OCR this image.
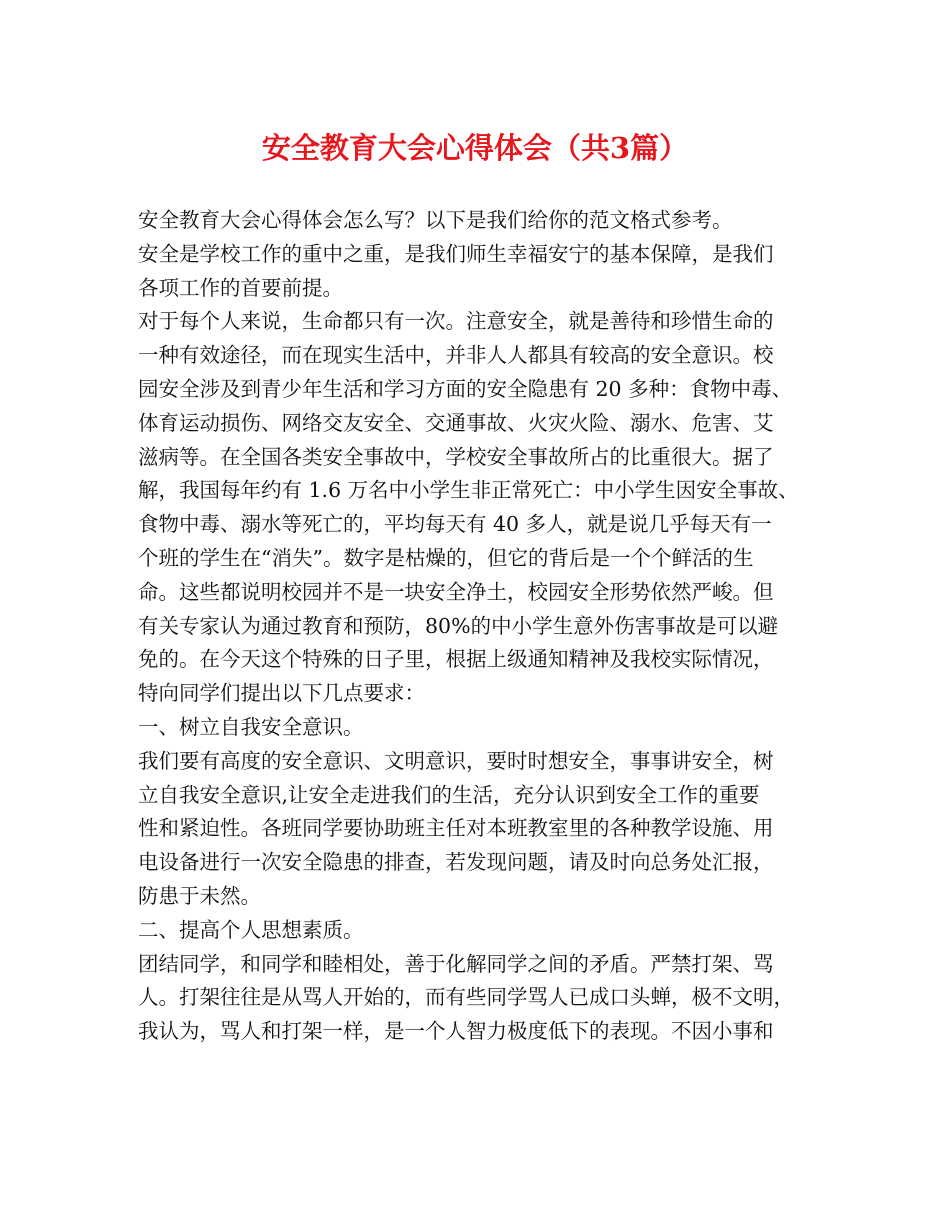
安全教育大会心得体会（共3篇）
安全教育大会心得体会怎么写？以下是我们给你的范文格式参考。
安全是学校工作的重中之重，是我们师生幸福安宁的基本保障，是我们
各项工作的首要前提。
对于每个人来说，生命都只有一次。注意安全，就是善待和珍惜生命的
一种有效途径，而在现实生活中，并非人人都具有较高的安全意识。校
园安全涉及到青少年生活和学习方面的安全隐患有 20 多种：食物中毒、
体育运动损伤、网络交友安全、交通事故、火灾火险、溺水、危害、艾
滋病等。在全国各类安全事故中，学校安全事故所占的比重很大。据了
解，我国每年约有 1.6 万名中小学生非正常死亡：中小学生因安全事故、
食物中毒、溺水等死亡的，平均每天有 40 多人，就是说几乎每天有一
个班的学生在“消失”。数字是枯燥的，但它的背后是一个个鲜活的生
命。这些都说明校园并不是一块安全净土，校园安全形势依然严峻。但
有关专家认为通过教育和预防，80%的中小学生意外伤害事故是可以避
免的。在今天这个特殊的日子里，根据上级通知精神及我校实际情况，
特向同学们提出以下几点要求：
一、树立自我安全意识。
我们要有高度的安全意识、文明意识，要时时想安全，事事讲安全，树
立自我安全意识,让安全走进我们的生活，充分认识到安全工作的重要
性和紧迫性。各班同学要协助班主任对本班教室里的各种教学设施、用
电设备进行一次安全隐患的排查，若发现问题，请及时向总务处汇报，
防患于未然。
二、提高个人思想素质。
团结同学，和同学和睦相处，善于化解同学之间的矛盾。严禁打架、骂
人。打架往往是从骂人开始的，而有些同学骂人已成口头蝉，极不文明，
我认为，骂人和打架一样，是一个人智力极度低下的表现。不因小事和
